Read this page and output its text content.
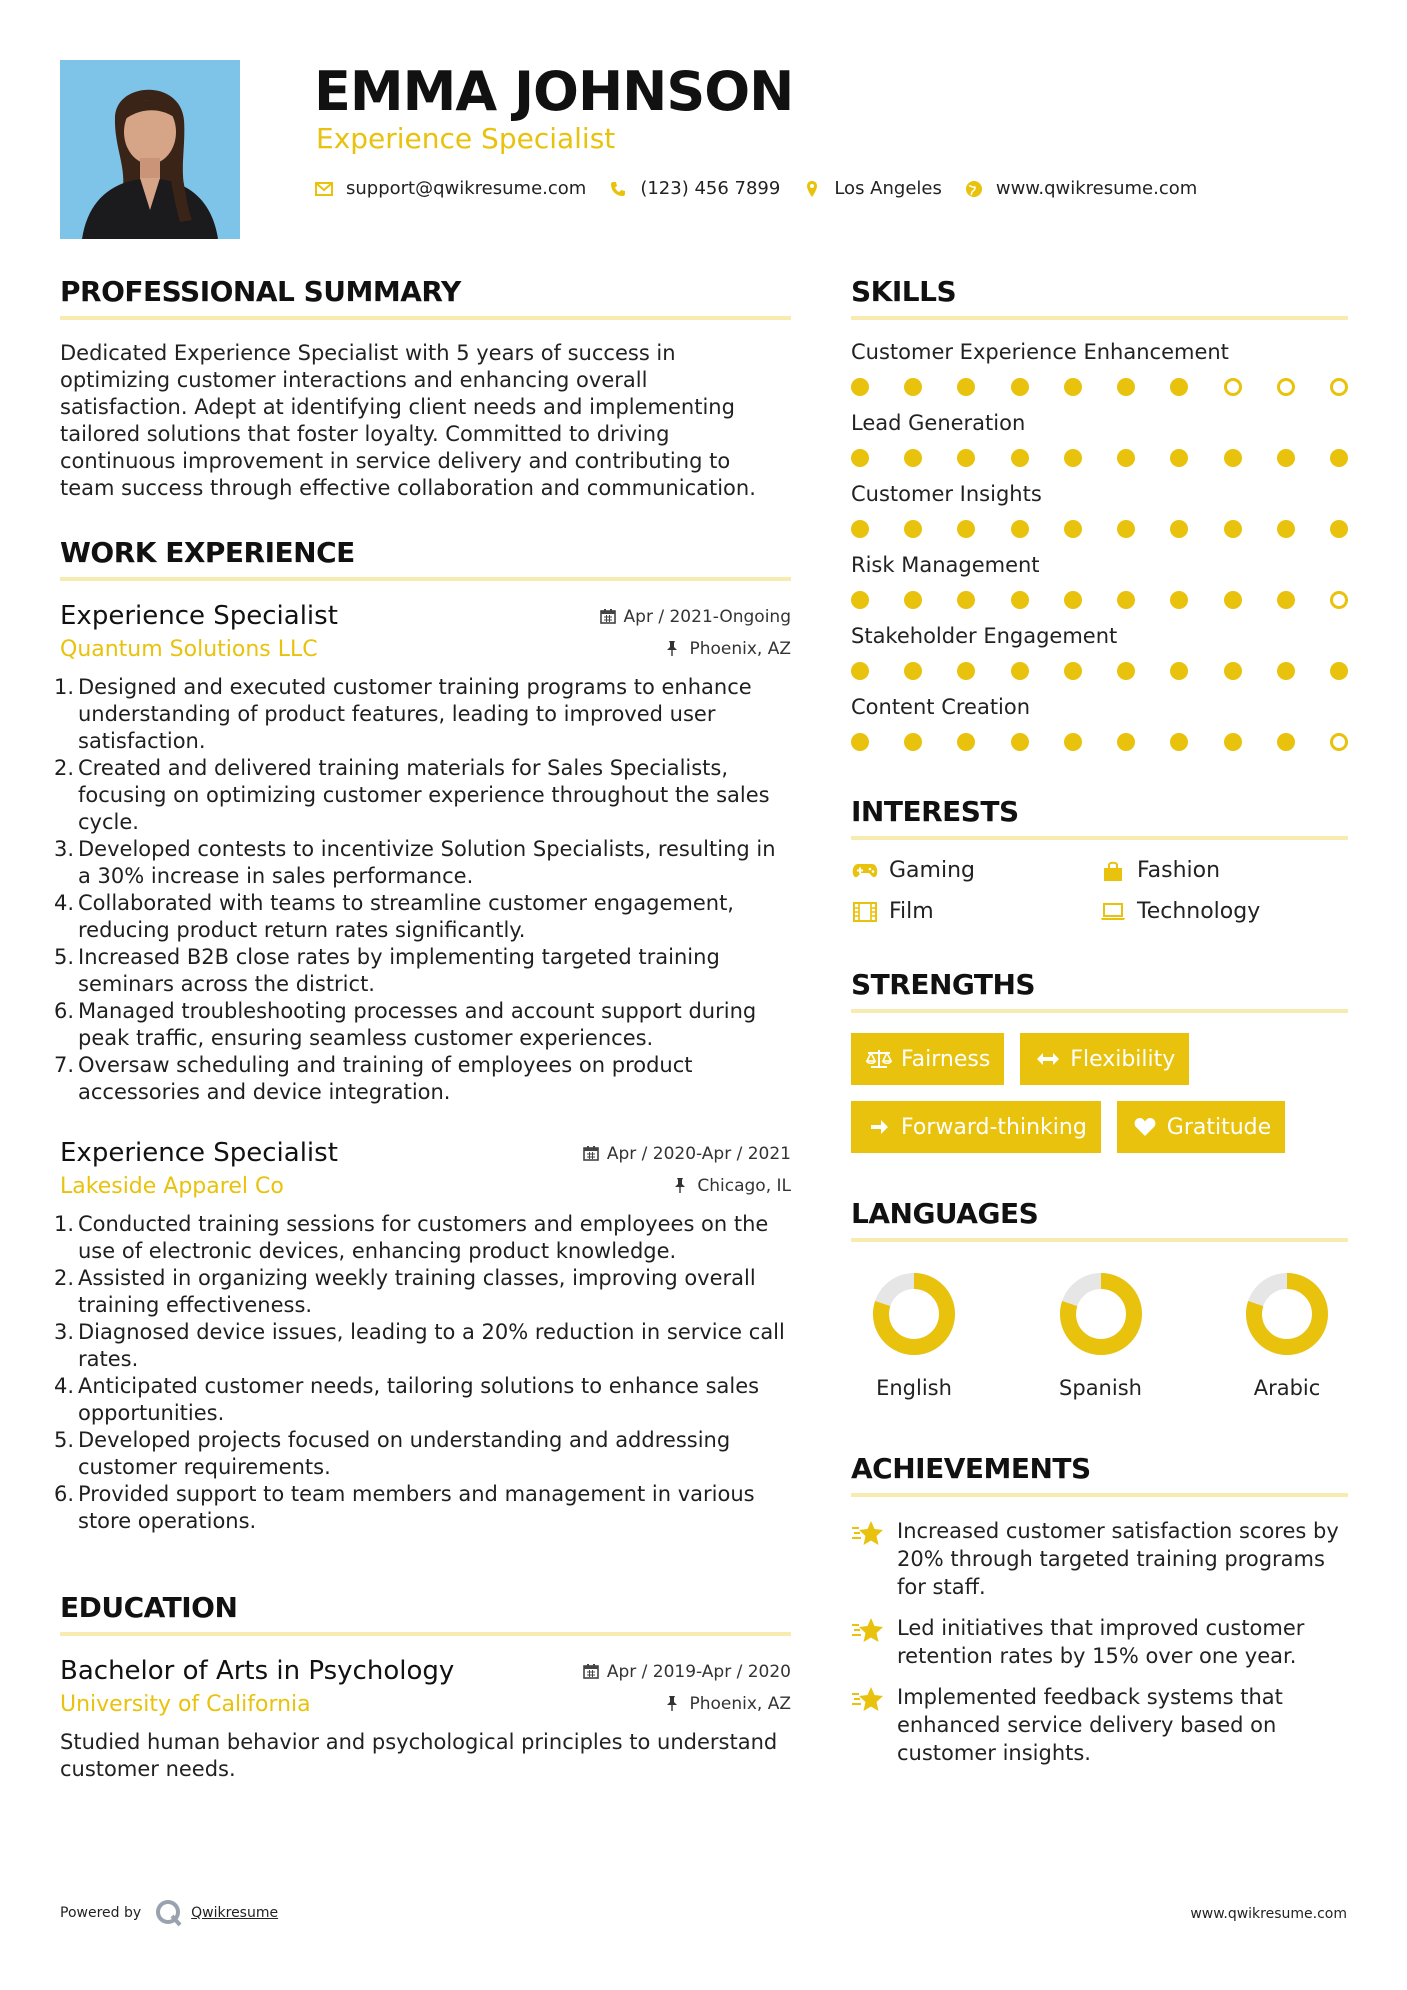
EMMA JOHNSON
Experience Specialist
support@qwikresume.com	(123) 456 7899	Los Angeles	www.qwikresume.com
PROFESSIONAL SUMMARY
Dedicated Experience Specialist with 5 years of success in optimizing customer interactions and enhancing overall satisfaction. Adept at identifying client needs and implementing tailored solutions that foster loyalty. Committed to driving continuous improvement in service delivery and contributing to team success through effective collaboration and communication.
WORK EXPERIENCE
Experience Specialist	Apr / 2021-Ongoing
Quantum Solutions LLC	Phoenix, AZ
1. Designed and executed customer training programs to enhance understanding of product features, leading to improved user satisfaction.
2. Created and delivered training materials for Sales Specialists, focusing on optimizing customer experience throughout the sales cycle.
3. Developed contests to incentivize Solution Specialists, resulting in a 30% increase in sales performance.
4. Collaborated with teams to streamline customer engagement, reducing product return rates significantly.
5. Increased B2B close rates by implementing targeted training seminars across the district.
6. Managed troubleshooting processes and account support during peak traffic, ensuring seamless customer experiences.
7. Oversaw scheduling and training of employees on product accessories and device integration.
Experience Specialist	Apr / 2020-Apr / 2021
Lakeside Apparel Co	Chicago, IL
1. Conducted training sessions for customers and employees on the use of electronic devices, enhancing product knowledge.
2. Assisted in organizing weekly training classes, improving overall training effectiveness.
3. Diagnosed device issues, leading to a 20% reduction in service call rates.
4. Anticipated customer needs, tailoring solutions to enhance sales opportunities.
5. Developed projects focused on understanding and addressing customer requirements.
6. Provided support to team members and management in various store operations.
EDUCATION
Bachelor of Arts in Psychology	Apr / 2019-Apr / 2020
University of California	Phoenix, AZ
Studied human behavior and psychological principles to understand customer needs.
SKILLS
Customer Experience Enhancement
Lead Generation
Customer Insights
Risk Management
Stakeholder Engagement
Content Creation
INTERESTS
Gaming	Fashion
Film	Technology
STRENGTHS
Fairness	Flexibility
Forward-thinking	Gratitude
LANGUAGES
English	Spanish	Arabic
ACHIEVEMENTS
Increased customer satisfaction scores by 20% through targeted training programs for staff.
Led initiatives that improved customer retention rates by 15% over one year.
Implemented feedback systems that enhanced service delivery based on customer insights.
Powered by	Qwikresume	www.qwikresume.com
